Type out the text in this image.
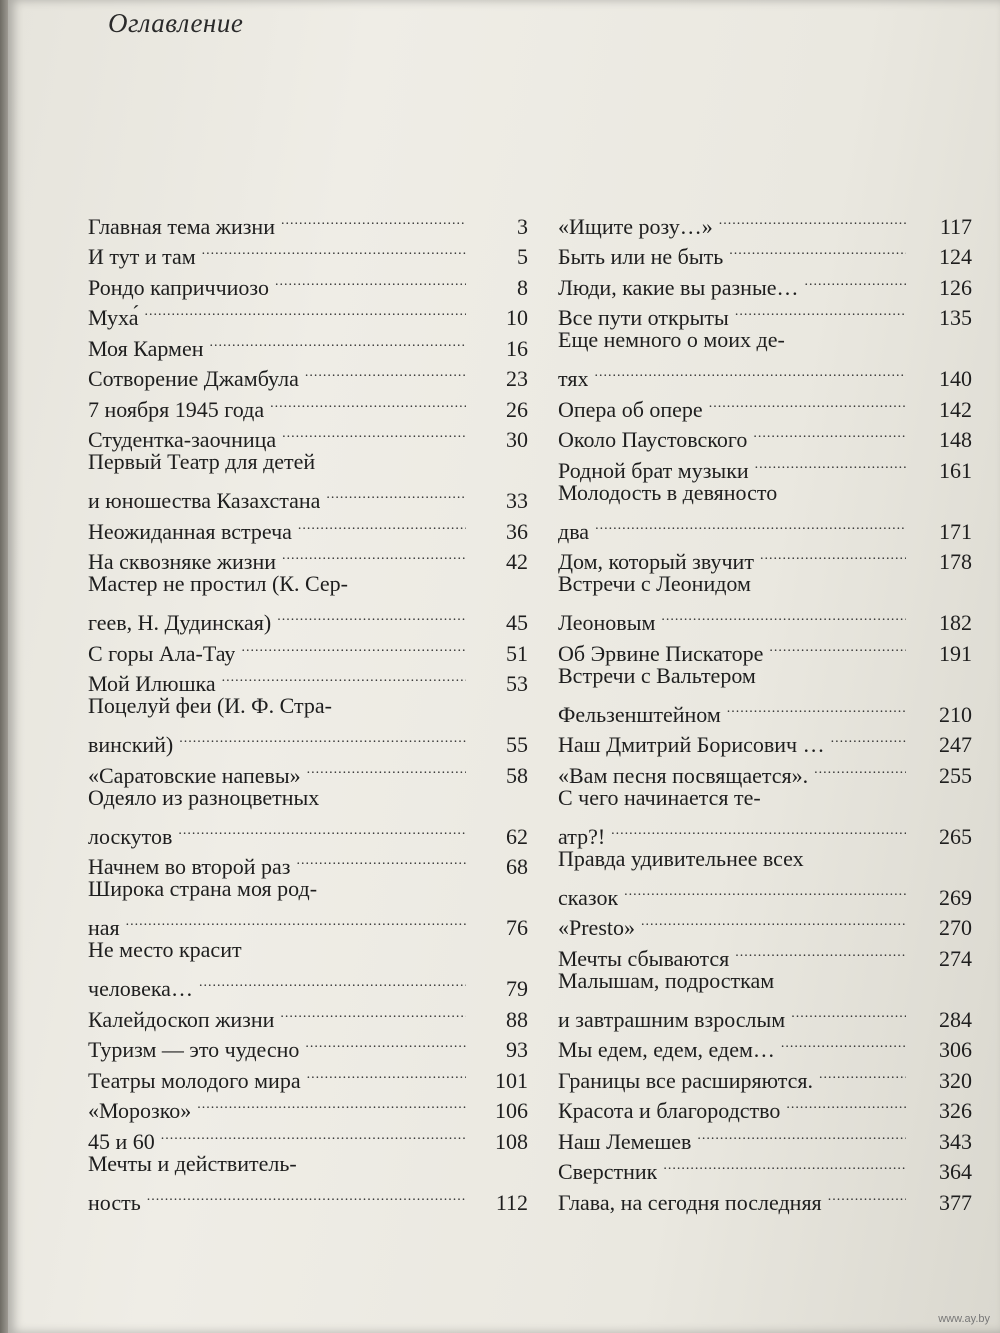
Оглавление
Главная тема жизни .....	3
И тут и там .....	5
Рондо каприччиозо .....	8
Муха́ .....	10
Моя Кармен .....	16
Сотворение Джамбула .....	23
7 ноября 1945 года .....	26
Студентка-заочница .....	30
Первый Театр для детей
и юношества Казахстана .....	33
Неожиданная встреча .....	36
На сквозняке жизни .....	42
Мастер не простил (К. Сер-
геев, Н. Дудинская) .....	45
С горы Ала-Тау .....	51
Мой Илюшка .....	53
Поцелуй феи (И. Ф. Стра-
винский) .....	55
«Саратовские напевы» .....	58
Одеяло из разноцветных
лоскутов .....	62
Начнем во второй раз .....	68
Широка страна моя род-
ная .....	76
Не место красит
человека… .....	79
Калейдоскоп жизни .....	88
Туризм — это чудесно .....	93
Театры молодого мира .....	101
«Морозко» .....	106
45 и 60 .....	108
Мечты и действитель-
ность .....	112
«Ищите розу…» .....	117
Быть или не быть .....	124
Люди, какие вы разные… .....	126
Все пути открыты .....	135
Еще немного о моих де-
тях .....	140
Опера об опере .....	142
Около Паустовского .....	148
Родной брат музыки .....	161
Молодость в девяносто
два .....	171
Дом, который звучит .....	178
Встречи с Леонидом
Леоновым .....	182
Об Эрвине Пискаторе .....	191
Встречи с Вальтером
Фельзенштейном .....	210
Наш Дмитрий Борисович … .....	247
«Вам песня посвящается». .....	255
С чего начинается те-
атр?! .....	265
Правда удивительнее всех
сказок .....	269
«Presto» .....	270
Мечты сбываются .....	274
Малышам, подросткам
и завтрашним взрослым .....	284
Мы едем, едем, едем… .....	306
Границы все расширяются. .....	320
Красота и благородство .....	326
Наш Лемешев .....	343
Сверстник .....	364
Глава, на сегодня последняя .....	377
www.ay.by
